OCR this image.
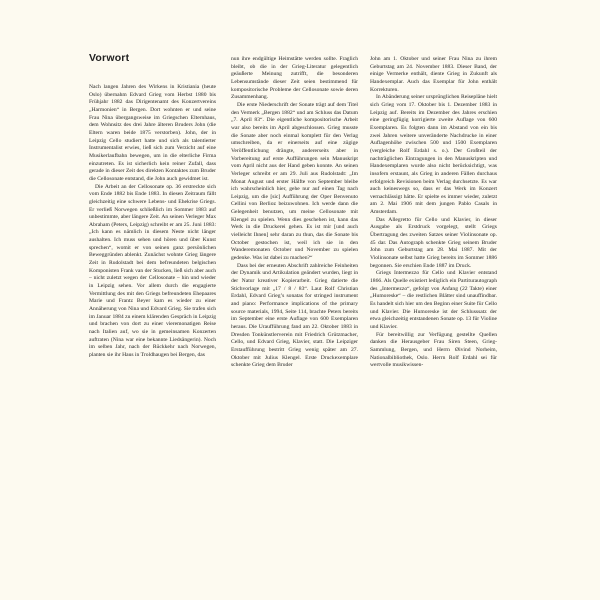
Vorwort

Nach langen Jahren des Wirkens in Kristiania (heute Oslo) übernahm Edvard Grieg vom Herbst 1880 bis Frühjahr 1882 das Dirigentenamt des Konzertvereins „Harmonien“ in Bergen. Dort wohnten er und seine Frau Nina übergangsweise im Griegschen Elternhaus, dem Wohnsitz des drei Jahre älteren Bruders John (die Eltern waren beide 1875 verstorben). John, der in Leipzig Cello studiert hatte und sich als talentierter Instrumentalist erwies, ließ sich zum Verzicht auf eine Musikerlaufbahn bewegen, um in die elterliche Firma einzutreten. Es ist sicherlich kein reiner Zufall, dass gerade in dieser Zeit des direkten Kontaktes zum Bruder die Cellosonate entstand, die John auch gewidmet ist.

Die Arbeit an der Cellosonate op. 36 erstreckte sich vom Ende 1882 bis Ende 1883. In diesen Zeitraum fällt gleichzeitig eine schwere Lebens- und Ehekrise Griegs. Er verließ Norwegen schließlich im Sommer 1883 auf unbestimmte, aber längere Zeit. An seinen Verleger Max Abraham (Peters, Leipzig) schreibt er am 25. Juni 1883: „Ich kann es nämlich in diesem Neste nicht länger aushalten. Ich muss sehen und hören und über Kunst sprechen“, womit er von seinen ganz persönlichen Beweggründen ablenkt. Zunächst wohnte Grieg längere Zeit in Rudolstadt bei dem befreundeten belgischen Komponisten Frank van der Stucken, ließ sich aber auch – nicht zuletzt wegen der Cellosonate – hin und wieder in Leipzig sehen. Vor allem durch die engagierte Vermittlung des mit den Griegs befreundeten Ehepaares Marie und Frantz Beyer kam es wieder zu einer Annäherung von Nina und Edvard Grieg. Sie trafen sich im Januar 1884 zu einem klärenden Gespräch in Leipzig und brachen von dort zu einer vieremonatigen Reise nach Italien auf, wo sie in gemeinsamen Konzerten auftraten (Nina war eine bekannte Liedsängerin). Noch im selben Jahr, nach der Rückkehr nach Norwegen, planten sie ihr Haus in Troldhaugen bei Bergen, das

nun ihre endgültige Heimstätte werden sollte. Fraglich bleibt, ob die in der Grieg-Literatur gelegentlich geäußerte Meinung zutrifft, die besonderen Lebensumstände dieser Zeit seien bestimmend für kompositorische Probleme der Cellosonate sowie deren Zusammenhang.

Die erste Niederschrift der Sonate trägt auf dem Titel den Vermerk „Bergen 1882“ und am Schluss das Datum „7. April 83“. Die eigentliche kompositorische Arbeit war also bereits im April abgeschlossen. Grieg musste die Sonate aber noch einmal komplett für den Verlag umschreiben, da er einerseits auf eine zügige Veröffentlichung drängte, andererseits aber in Vorbereitung auf erste Aufführungen sein Manuskript vom April nicht aus der Hand geben konnte. An seinen Verleger schreibt er am 29. Juli aus Rudolstadt: „Im Monat August und erster Hälfte von September bleibe ich wahrscheinlich hier, gehe nur auf einen Tag nach Leipzig, um die [sic] Aufführung der Oper Benvenuto Cellini von Berlioz beizuwohnen. Ich werde dann die Gelegenheit benutzen, um meine Cellosonate mit Klengel zu spielen. Wenn dies geschehen ist, kann das Werk in die Druckerei gehen. Es ist mir [und auch vielleicht Ihnen] sehr daran zu thun, das die Sonate bis October gestochen ist, weil ich sie in den Wanderemonaten October und November zu spielen gedenke. Was ist dabei zu machen?“

Dass bei der erneuten Abschrift zahlreiche Feinheiten der Dynamik und Artikulation geändert wurden, liegt in der Natur kreativer Kopierarbeit. Grieg datierte die Stichvorlage mit „17 / 8 / 83“. Laut Rolf Christian Erdahl, Edvard Grieg’s sonatas for stringed instrument and piano: Performance implications of the primary source materials, 1994, Seite 114, brachte Peters bereits im September eine erste Auflage von 600 Exemplaren heraus. Die Uraufführung fand am 22. Oktober 1883 in Dresden Tonkünstlerverein mit Friedrich Grützmacher, Cello, und Edvard Grieg, Klavier, statt. Die Leipziger Erstaufführung bestritt Grieg wenig später am 27. Oktober mit Julius Klengel. Erste Druckexemplare schenkte Grieg dem Bruder

John am 1. Oktober und seiner Frau Nina zu ihrem Geburtstag am 24. November 1883. Dieser Band, der einige Vermerke enthält, diente Grieg in Zukunft als Handexemplar. Auch das Exemplar für John enthält Korrekturen.

In Abänderung seiner ursprünglichen Reisepläne hielt sich Grieg vom 17. Oktober bis 1. Dezember 1883 in Leipzig auf. Bereits im Dezember des Jahres erschien eine geringfügig korrigierte zweite Auflage von 600 Exemplaren. Es folgten dann im Abstand von ein bis zwei Jahren weitere unveränderte Nachdrucke in einer Auflagenhöhe zwischen 500 und 1500 Exemplaren (vergleiche Rolf Erdahl s. o.). Der Großteil der nachträglichen Eintragungen in den Manuskripten und Handexemplaren wurde also nicht berücksichtigt, was insofern erstaunt, als Grieg in anderen Fällen durchaus erfolgreich Revisionen beim Verlag durchsetzte. Es war auch keineswegs so, dass er das Werk im Konzert vernachlässigt hätte. Er spielte es immer wieder, zuletzt am 2. Mai 1906 mit dem jungen Pablo Casals in Amsterdam.

Das Allegretto für Cello und Klavier, in dieser Ausgabe als Erstdruck vorgelegt, stellt Griegs Übertragung des zweiten Satzes seiner Violinsonate op. 45 dar. Das Autograph schenkte Grieg seinem Bruder John zum Geburtstag am 28. Mai 1887. Mit der Violinsonate selbst hatte Grieg bereits im Sommer 1886 begonnen. Sie erschien Ende 1887 im Druck.

Griegs Intermezzo für Cello und Klavier entstand 1866. Als Quelle existiert lediglich ein Partiturautograph des „Intermezzo“, gefolgt von Anfang (22 Takte) einer „Humoreske“ – die restlichen Blätter sind unauffindbar. Es handelt sich hier um den Beginn einer Suite für Cello und Klavier. Die Humoreske ist der Schlusssatz der etwa gleichzeitig entstandenen Sonate op. 13 für Violine und Klavier.

Für bereitwillig zur Verfügung gestellte Quellen danken die Herausgeber Frau Siren Steen, Grieg-Sammlung, Bergen, und Herrn Øivind Norheim, Nationalbibliothek, Oslo. Herrn Rolf Erdahl sei für wertvolle musikwissen-
